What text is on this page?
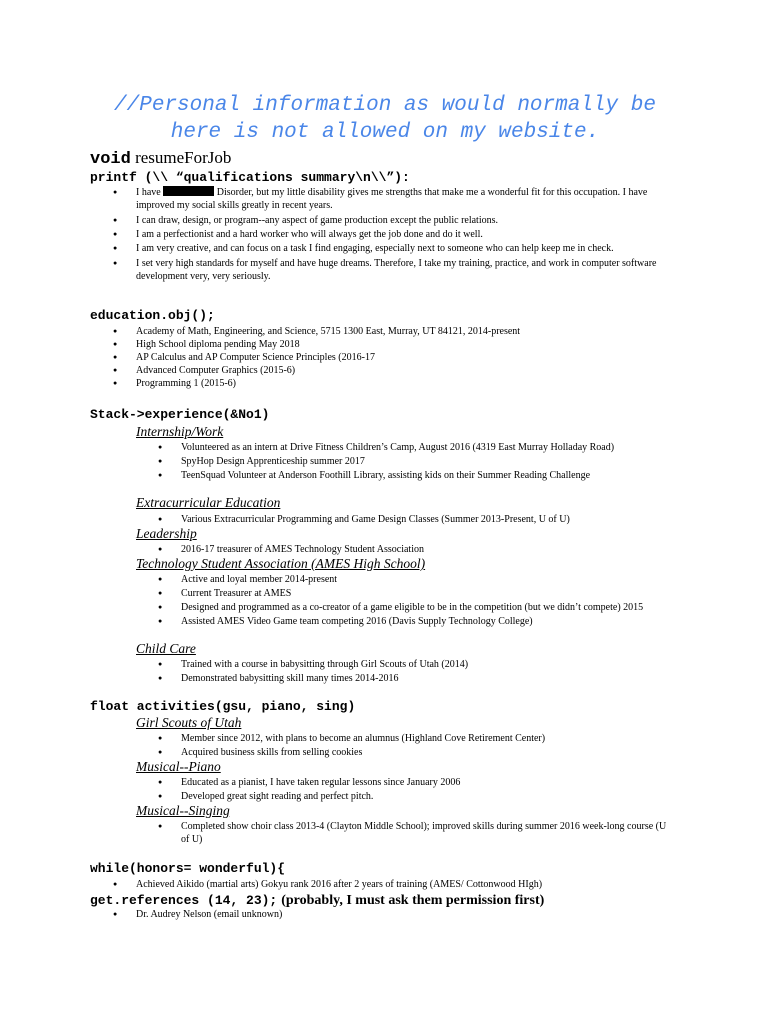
//Personal information as would normally be
here is not allowed on my website.
void resumeForJob
printf (\\ “qualifications summary\n\\”):
● I have	Disorder, but my little disability gives me strengths that make me a wonderful fit for this occupation. I have improved my social skills greatly in recent years.
● I can draw, design, or program--any aspect of game production except the public relations.
● I am a perfectionist and a hard worker who will always get the job done and do it well.
● I am very creative, and can focus on a task I find engaging, especially next to someone who can help keep me in check.
● I set very high standards for myself and have huge dreams. Therefore, I take my training, practice, and work in computer software development very, very seriously.
education.obj();
● Academy of Math, Engineering, and Science, 5715 1300 East, Murray, UT 84121, 2014-present
● High School diploma pending May 2018
● AP Calculus and AP Computer Science Principles (2016-17
● Advanced Computer Graphics (2015-6)
● Programming 1 (2015-6)
Stack->experience(&No1)
Internship/Work
● Volunteered as an intern at Drive Fitness Children’s Camp, August 2016 (4319 East Murray Holladay Road)
● SpyHop Design Apprenticeship summer 2017
● TeenSquad Volunteer at Anderson Foothill Library, assisting kids on their Summer Reading Challenge
Extracurricular Education
● Various Extracurricular Programming and Game Design Classes (Summer 2013-Present, U of U)
Leadership
● 2016-17 treasurer of AMES Technology Student Association
Technology Student Association (AMES High School)
● Active and loyal member 2014-present
● Current Treasurer at AMES
● Designed and programmed as a co-creator of a game eligible to be in the competition (but we didn’t compete) 2015
● Assisted AMES Video Game team competing 2016 (Davis Supply Technology College)
Child Care
● Trained with a course in babysitting through Girl Scouts of Utah (2014)
● Demonstrated babysitting skill many times 2014-2016
float activities(gsu, piano, sing)
Girl Scouts of Utah
● Member since 2012, with plans to become an alumnus (Highland Cove Retirement Center)
● Acquired business skills from selling cookies
Musical--Piano
● Educated as a pianist, I have taken regular lessons since January 2006
● Developed great sight reading and perfect pitch.
Musical--Singing
● Completed show choir class 2013-4 (Clayton Middle School); improved skills during summer 2016 week-long course (U of U)
while(honors= wonderful){
● Achieved Aikido (martial arts) Gokyu rank 2016 after 2 years of training (AMES/ Cottonwood HIgh)
get.references (14, 23); (probably, I must ask them permission first)
● Dr. Audrey Nelson (email unknown)
